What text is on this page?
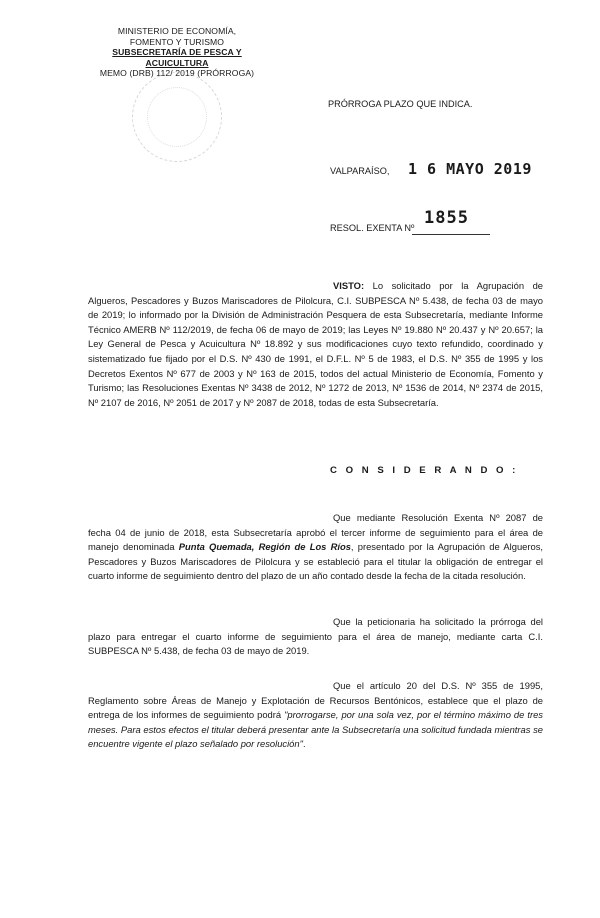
MINISTERIO DE ECONOMÍA,
FOMENTO Y TURISMO
SUBSECRETARÍA DE PESCA Y ACUICULTURA
MEMO (DRB) 112/ 2019 (PRÓRROGA)
PRÓRROGA PLAZO QUE INDICA.
VALPARAÍSO, 1 6 MAYO 2019
RESOL. EXENTA Nº 1855
VISTO: Lo solicitado por la Agrupación de Algueros, Pescadores y Buzos Mariscadores de Pilolcura, C.I. SUBPESCA Nº 5.438, de fecha 03 de mayo de 2019; lo informado por la División de Administración Pesquera de esta Subsecretaría, mediante Informe Técnico AMERB Nº 112/2019, de fecha 06 de mayo de 2019; las Leyes Nº 19.880 Nº 20.437 y Nº 20.657; la Ley General de Pesca y Acuicultura Nº 18.892 y sus modificaciones cuyo texto refundido, coordinado y sistematizado fue fijado por el D.S. Nº 430 de 1991, el D.F.L. Nº 5 de 1983, el D.S. Nº 355 de 1995 y los Decretos Exentos Nº 677 de 2003 y Nº 163 de 2015, todos del actual Ministerio de Economía, Fomento y Turismo; las Resoluciones Exentas Nº 3438 de 2012, Nº 1272 de 2013, Nº 1536 de 2014, Nº 2374 de 2015, Nº 2107 de 2016, Nº 2051 de 2017 y Nº 2087 de 2018, todas de esta Subsecretaría.
C O N S I D E R A N D O :
Que mediante Resolución Exenta Nº 2087 de fecha 04 de junio de 2018, esta Subsecretaría aprobó el tercer informe de seguimiento para el área de manejo denominada Punta Quemada, Región de Los Ríos, presentado por la Agrupación de Algueros, Pescadores y Buzos Mariscadores de Pilolcura y se estableció para el titular la obligación de entregar el cuarto informe de seguimiento dentro del plazo de un año contado desde la fecha de la citada resolución.
Que la peticionaria ha solicitado la prórroga del plazo para entregar el cuarto informe de seguimiento para el área de manejo, mediante carta C.I. SUBPESCA Nº 5.438, de fecha 03 de mayo de 2019.
Que el artículo 20 del D.S. Nº 355 de 1995, Reglamento sobre Áreas de Manejo y Explotación de Recursos Bentónicos, establece que el plazo de entrega de los informes de seguimiento podrá "prorrogarse, por una sola vez, por el término máximo de tres meses. Para estos efectos el titular deberá presentar ante la Subsecretaría una solicitud fundada mientras se encuentre vigente el plazo señalado por resolución".
